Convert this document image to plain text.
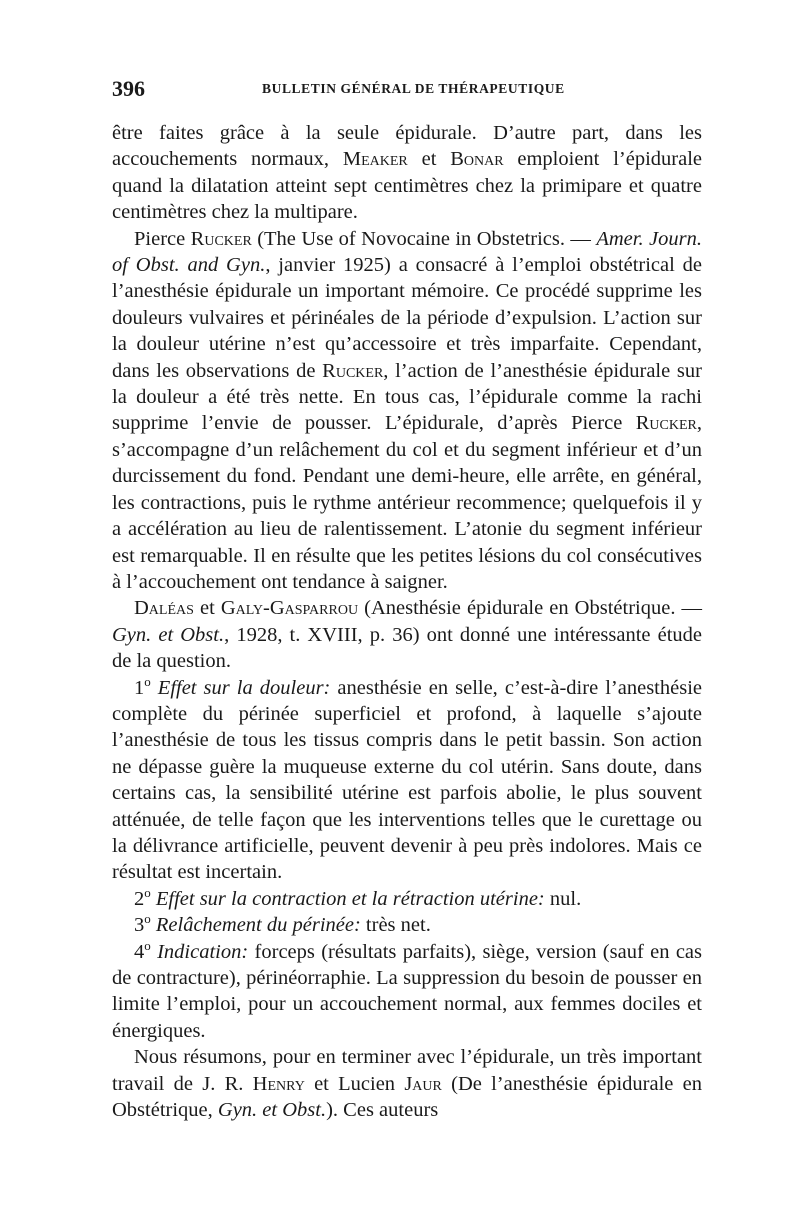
396	BULLETIN GÉNÉRAL DE THÉRAPEUTIQUE

être faites grâce à la seule épidurale. D’autre part, dans les accouchements normaux, Meaker et Bonar emploient l’épidurale quand la dilatation atteint sept centimètres chez la primipare et quatre centimètres chez la multipare.

Pierce Rucker (The Use of Novocaine in Obstetrics. — Amer. Journ. of Obst. and Gyn., janvier 1925) a consacré à l’emploi obstétrical de l’anesthésie épidurale un important mémoire. Ce procédé supprime les douleurs vulvaires et périnéales de la période d’expulsion. L’action sur la douleur utérine n’est qu’accessoire et très imparfaite. Cependant, dans les observations de Rucker, l’action de l’anesthésie épidurale sur la douleur a été très nette. En tous cas, l’épidurale comme la rachi supprime l’envie de pousser. L’épidurale, d’après Pierce Rucker, s’accompagne d’un relâchement du col et du segment inférieur et d’un durcissement du fond. Pendant une demi-heure, elle arrête, en général, les contractions, puis le rythme antérieur recommence; quelquefois il y a accélération au lieu de ralentissement. L’atonie du segment inférieur est remarquable. Il en résulte que les petites lésions du col consécutives à l’accouchement ont tendance à saigner.

Daléas et Galy-Gasparrou (Anesthésie épidurale en Obstétrique. — Gyn. et Obst., 1928, t. XVIII, p. 36) ont donné une intéressante étude de la question.

1$^o$ Effet sur la douleur: anesthésie en selle, c’est-à-dire l’anesthésie complète du périnée superficiel et profond, à laquelle s’ajoute l’anesthésie de tous les tissus compris dans le petit bassin. Son action ne dépasse guère la muqueuse externe du col utérin. Sans doute, dans certains cas, la sensibilité utérine est parfois abolie, le plus souvent atténuée, de telle façon que les interventions telles que le curettage ou la délivrance artificielle, peuvent devenir à peu près indolores. Mais ce résultat est incertain.

2$^o$ Effet sur la contraction et la rétraction utérine: nul.

3$^o$ Relâchement du périnée: très net.

4$^o$ Indication: forceps (résultats parfaits), siège, version (sauf en cas de contracture), périnéorraphie. La suppression du besoin de pousser en limite l’emploi, pour un accouchement normal, aux femmes dociles et énergiques.

Nous résumons, pour en terminer avec l’épidurale, un très important travail de J. R. Henry et Lucien Jaur (De l’anesthésie épidurale en Obstétrique, Gyn. et Obst.). Ces auteurs
